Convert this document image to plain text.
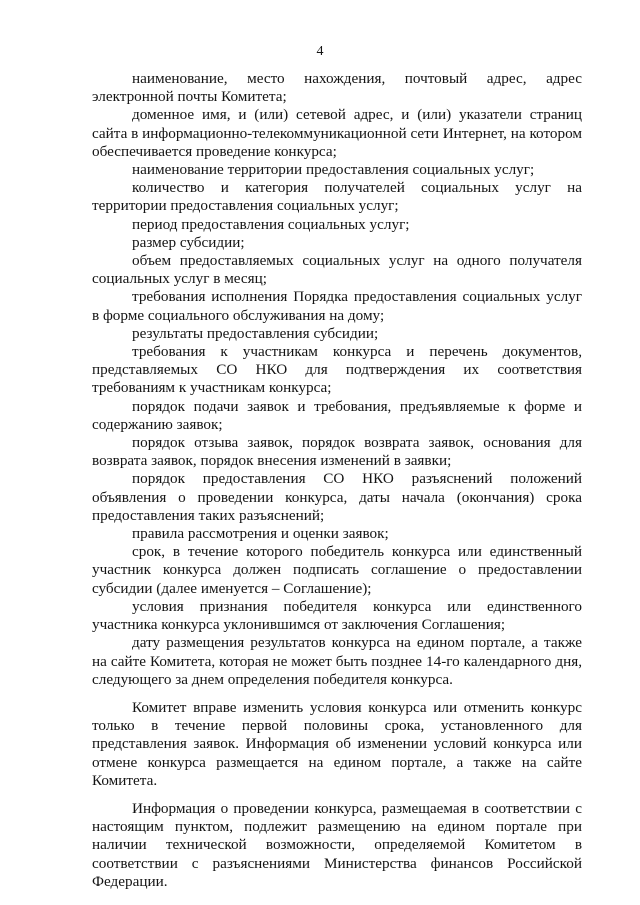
4

наименование, место нахождения, почтовый адрес, адрес электронной почты Комитета;

доменное имя, и (или) сетевой адрес, и (или) указатели страниц сайта в информационно-телекоммуникационной сети Интернет, на котором обеспечивается проведение конкурса;

наименование территории предоставления социальных услуг;

количество и категория получателей социальных услуг на территории предоставления социальных услуг;

период предоставления социальных услуг;

размер субсидии;

объем предоставляемых социальных услуг на одного получателя социальных услуг в месяц;

требования исполнения Порядка предоставления социальных услуг в форме социального обслуживания на дому;

результаты предоставления субсидии;

требования к участникам конкурса и перечень документов, представляемых СО НКО для подтверждения их соответствия требованиям к участникам конкурса;

порядок подачи заявок и требования, предъявляемые к форме и содержанию заявок;

порядок отзыва заявок, порядок возврата заявок, основания для возврата заявок, порядок внесения изменений в заявки;

порядок предоставления СО НКО разъяснений положений объявления о проведении конкурса, даты начала (окончания) срока предоставления таких разъяснений;

правила рассмотрения и оценки заявок;

срок, в течение которого победитель конкурса или единственный участник конкурса должен подписать соглашение о предоставлении субсидии (далее именуется – Соглашение);

условия признания победителя конкурса или единственного участника конкурса уклонившимся от заключения Соглашения;

дату размещения результатов конкурса на едином портале, а также на сайте Комитета, которая не может быть позднее 14-го календарного дня, следующего за днем определения победителя конкурса.

Комитет вправе изменить условия конкурса или отменить конкурс только в течение первой половины срока, установленного для представления заявок. Информация об изменении условий конкурса или отмене конкурса размещается на едином портале, а также на сайте Комитета.

Информация о проведении конкурса, размещаемая в соответствии с настоящим пунктом, подлежит размещению на едином портале при наличии технической возможности, определяемой Комитетом в соответствии с разъяснениями Министерства финансов Российской Федерации.
